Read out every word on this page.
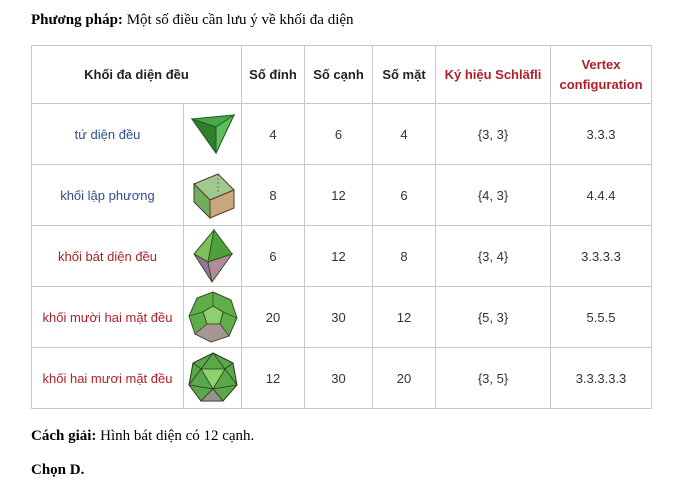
Phương pháp: Một số điều cần lưu ý về khối đa diện
Khối đa diện đều		Số đỉnh	Số cạnh	Số mặt	Ký hiệu Schläfli	Vertex configuration
tứ diện đều		4	6	4	{3, 3}	3.3.3
khối lập phương		8	12	6	{4, 3}	4.4.4
khối bát diện đều		6	12	8	{3, 4}	3.3.3.3
khối mười hai mặt đều		20	30	12	{5, 3}	5.5.5
khối hai mươi mặt đều		12	30	20	{3, 5}	3.3.3.3.3
Cách giải: Hình bát diện có 12 cạnh.
Chọn D.
